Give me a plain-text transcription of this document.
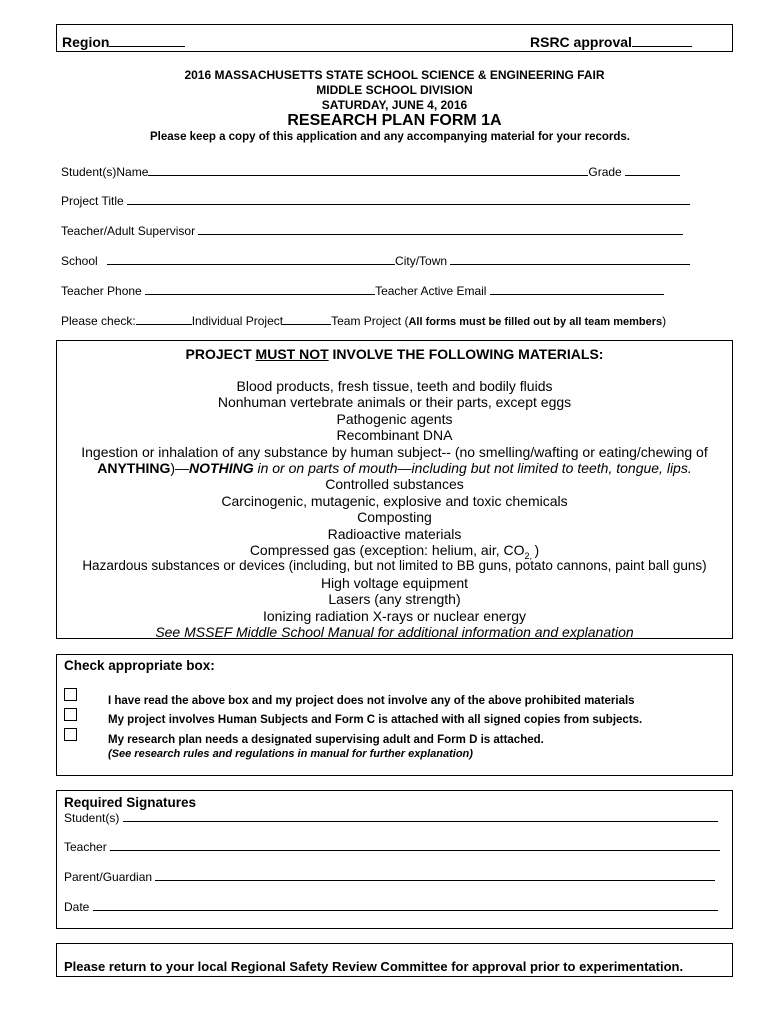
Region	RSRC approval
2016 MASSACHUSETTS STATE SCHOOL SCIENCE & ENGINEERING FAIR
MIDDLE SCHOOL DIVISION
SATURDAY, JUNE 4, 2016
RESEARCH PLAN FORM 1A
Please keep a copy of this application and any accompanying material for your records.
Student(s)Name	Grade
Project Title
Teacher/Adult Supervisor
School	City/Town
Teacher Phone	Teacher Active Email
Please check:	Individual Project	Team Project (All forms must be filled out by all team members)
PROJECT MUST NOT INVOLVE THE FOLLOWING MATERIALS:
Blood products, fresh tissue, teeth and bodily fluids
Nonhuman vertebrate animals or their parts, except eggs
Pathogenic agents
Recombinant DNA
Ingestion or inhalation of any substance by human subject-- (no smelling/wafting or eating/chewing of
ANYTHING)—NOTHING in or on parts of mouth—including but not limited to teeth, tongue, lips.
Controlled substances
Carcinogenic, mutagenic, explosive and toxic chemicals
Composting
Radioactive materials
Compressed gas (exception: helium, air, $CO_{2,}$ )
Hazardous substances or devices (including, but not limited to BB guns, potato cannons, paint ball guns)
High voltage equipment
Lasers (any strength)
Ionizing radiation X-rays or nuclear energy
See MSSEF Middle School Manual for additional information and explanation
Check appropriate box:
I have read the above box and my project does not involve any of the above prohibited materials
My project involves Human Subjects and Form C is attached with all signed copies from subjects.
My research plan needs a designated supervising adult and Form D is attached.
(See research rules and regulations in manual for further explanation)
Required Signatures
Student(s)
Teacher
Parent/Guardian
Date
Please return to your local Regional Safety Review Committee for approval prior to experimentation.
